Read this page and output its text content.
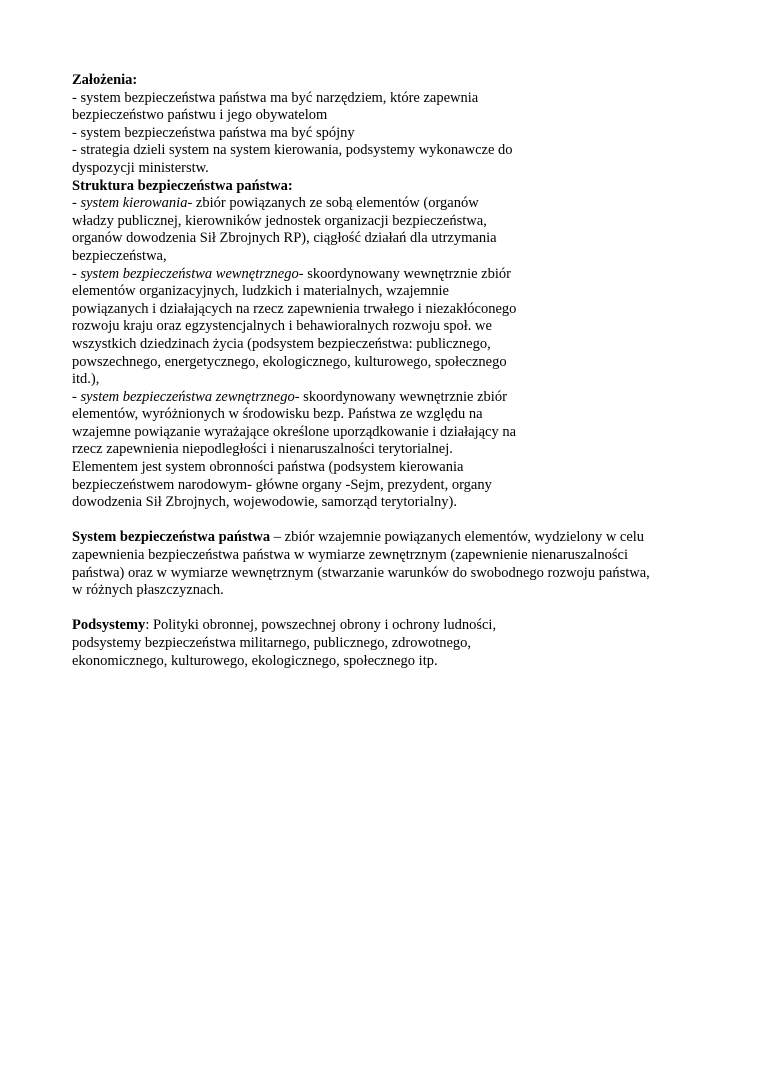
Założenia:
- system bezpieczeństwa państwa ma być narzędziem, które zapewnia
bezpieczeństwo państwu i jego obywatelom
- system bezpieczeństwa państwa ma być spójny
- strategia dzieli system na system kierowania, podsystemy wykonawcze do
dyspozycji ministerstw.
Struktura bezpieczeństwa państwa:
- system kierowania- zbiór powiązanych ze sobą elementów (organów
władzy publicznej, kierowników jednostek organizacji bezpieczeństwa,
organów dowodzenia Sił Zbrojnych RP), ciągłość działań dla utrzymania
bezpieczeństwa,
- system bezpieczeństwa wewnętrznego- skoordynowany wewnętrznie zbiór
elementów organizacyjnych, ludzkich i materialnych, wzajemnie
powiązanych i działających na rzecz zapewnienia trwałego i niezakłóconego
rozwoju kraju oraz egzystencjalnych i behawioralnych rozwoju społ. we
wszystkich dziedzinach życia (podsystem bezpieczeństwa: publicznego,
powszechnego, energetycznego, ekologicznego, kulturowego, społecznego
itd.),
- system bezpieczeństwa zewnętrznego- skoordynowany wewnętrznie zbiór
elementów, wyróżnionych w środowisku bezp. Państwa ze względu na
wzajemne powiązanie wyrażające określone uporządkowanie i działający na
rzecz zapewnienia niepodległości i nienaruszalności terytorialnej.
Elementem jest system obronności państwa (podsystem kierowania
bezpieczeństwem narodowym- główne organy -Sejm, prezydent, organy
dowodzenia Sił Zbrojnych, wojewodowie, samorząd terytorialny).
System bezpieczeństwa państwa – zbiór wzajemnie powiązanych elementów, wydzielony w celu
zapewnienia bezpieczeństwa państwa w wymiarze zewnętrznym (zapewnienie nienaruszalności
państwa) oraz w wymiarze wewnętrznym (stwarzanie warunków do swobodnego rozwoju państwa,
w różnych płaszczyznach.
Podsystemy: Polityki obronnej, powszechnej obrony i ochrony ludności,
podsystemy bezpieczeństwa militarnego, publicznego, zdrowotnego,
ekonomicznego, kulturowego, ekologicznego, społecznego itp.
